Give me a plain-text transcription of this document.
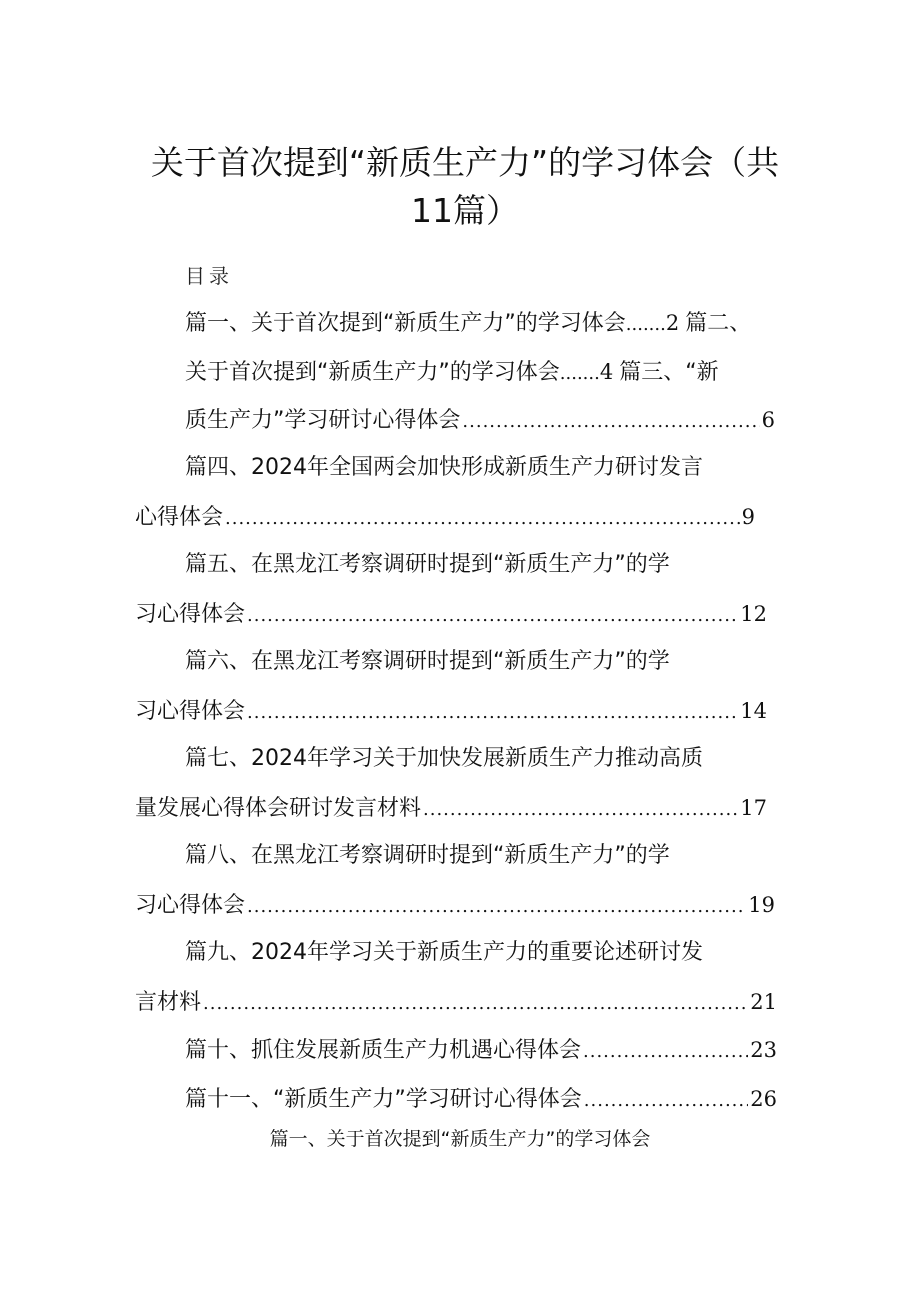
关于首次提到“新质生产力”的学习体会（共
11篇）
目录
篇一、关于首次提到“新质生产力”的学习体会 ....... 2 篇二、
关于首次提到“新质生产力”的学习体会 ....... 4 篇三、“新
质生产力”学习研讨心得体会 .....	6
篇四、2024年全国两会加快形成新质生产力研讨发言
心得体会 .....	9
篇五、在黑龙江考察调研时提到“新质生产力”的学
习心得体会 .....	12
篇六、在黑龙江考察调研时提到“新质生产力”的学
习心得体会 .....	14
篇七、2024年学习关于加快发展新质生产力推动高质
量发展心得体会研讨发言材料 .....	17
篇八、在黑龙江考察调研时提到“新质生产力”的学
习心得体会 .....	19
篇九、2024年学习关于新质生产力的重要论述研讨发
言材料 .....	21
篇十、抓住发展新质生产力机遇心得体会 .....	23
篇十一、“新质生产力”学习研讨心得体会 .....	26
篇一、关于首次提到“新质生产力”的学习体会
